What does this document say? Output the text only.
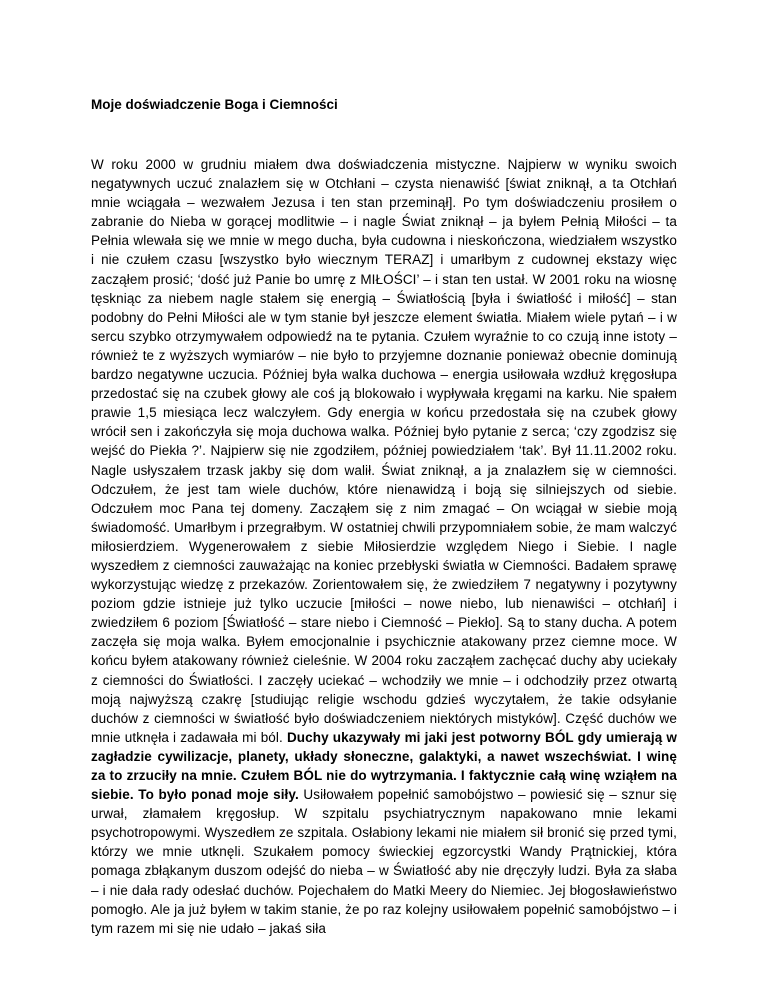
Moje doświadczenie Boga i Ciemności
W roku 2000 w grudniu miałem dwa doświadczenia mistyczne. Najpierw w wyniku swoich negatywnych uczuć znalazłem się w Otchłani – czysta nienawiść [świat zniknął, a ta Otchłań mnie wciągała – wezwałem Jezusa i ten stan przeminął]. Po tym doświadczeniu prosiłem o zabranie do Nieba w gorącej modlitwie – i nagle Świat zniknął – ja byłem Pełnią Miłości – ta Pełnia wlewała się we mnie w mego ducha, była cudowna i nieskończona, wiedziałem wszystko i nie czułem czasu [wszystko było wiecznym TERAZ] i umarłbym z cudownej ekstazy więc zacząłem prosić; ‘dość już Panie bo umrę z MIŁOŚCI’ – i stan ten ustał. W 2001 roku na wiosnę tęskniąc za niebem nagle stałem się energią – Światłością [była i światłość i miłość] – stan podobny do Pełni Miłości ale w tym stanie był jeszcze element światła. Miałem wiele pytań – i w sercu szybko otrzymywałem odpowiedź na te pytania. Czułem wyraźnie to co czują inne istoty – również te z wyższych wymiarów – nie było to przyjemne doznanie ponieważ obecnie dominują bardzo negatywne uczucia. Później była walka duchowa – energia usiłowała wzdłuż kręgosłupa przedostać się na czubek głowy ale coś ją blokowało i wypływała kręgami na karku. Nie spałem prawie 1,5 miesiąca lecz walczyłem. Gdy energia w końcu przedostała się na czubek głowy wrócił sen i zakończyła się moja duchowa walka. Później było pytanie z serca; ‘czy zgodzisz się wejść do Piekła ?’. Najpierw się nie zgodziłem, później powiedziałem ‘tak’. Był 11.11.2002 roku. Nagle usłyszałem trzask jakby się dom walił. Świat zniknął, a ja znalazłem się w ciemności. Odczułem, że jest tam wiele duchów, które nienawidzą i boją się silniejszych od siebie. Odczułem moc Pana tej domeny. Zacząłem się z nim zmagać – On wciągał w siebie moją świadomość. Umarłbym i przegrałbym. W ostatniej chwili przypomniałem sobie, że mam walczyć miłosierdziem. Wygenerowałem z siebie Miłosierdzie względem Niego i Siebie. I nagle wyszedłem z ciemności zauważając na koniec przebłyski światła w Ciemności. Badałem sprawę wykorzystując wiedzę z przekazów. Zorientowałem się, że zwiedziłem 7 negatywny i pozytywny poziom gdzie istnieje już tylko uczucie [miłości – nowe niebo, lub nienawiści – otchłań] i zwiedziłem 6 poziom [Światłość – stare niebo i Ciemność – Piekło]. Są to stany ducha. A potem zaczęła się moja walka. Byłem emocjonalnie i psychicznie atakowany przez ciemne moce. W końcu byłem atakowany również cieleśnie. W 2004 roku zacząłem zachęcać duchy aby uciekały z ciemności do Światłości. I zaczęły uciekać – wchodziły we mnie – i odchodziły przez otwartą moją najwyższą czakrę [studiując religie wschodu gdzieś wyczytałem, że takie odsyłanie duchów z ciemności w światłość było doświadczeniem niektórych mistyków]. Część duchów we mnie utknęła i zadawała mi ból. Duchy ukazywały mi jaki jest potworny BÓL gdy umierają w zagładzie cywilizacje, planety, układy słoneczne, galaktyki, a nawet wszechświat. I winę za to zrzuciły na mnie. Czułem BÓL nie do wytrzymania. I faktycznie całą winę wziąłem na siebie. To było ponad moje siły. Usiłowałem popełnić samobójstwo – powiesić się – sznur się urwał, złamałem kręgosłup. W szpitalu psychiatrycznym napakowano mnie lekami psychotropowymi. Wyszedłem ze szpitala. Osłabiony lekami nie miałem sił bronić się przed tymi, którzy we mnie utknęli. Szukałem pomocy świeckiej egzorcystki Wandy Prątnickiej, która pomaga zbłąkanym duszom odejść do nieba – w Światłość aby nie dręczyły ludzi. Była za słaba – i nie dała rady odesłać duchów. Pojechałem do Matki Meery do Niemiec. Jej błogosławieństwo pomogło. Ale ja już byłem w takim stanie, że po raz kolejny usiłowałem popełnić samobójstwo – i tym razem mi się nie udało – jakaś siła
